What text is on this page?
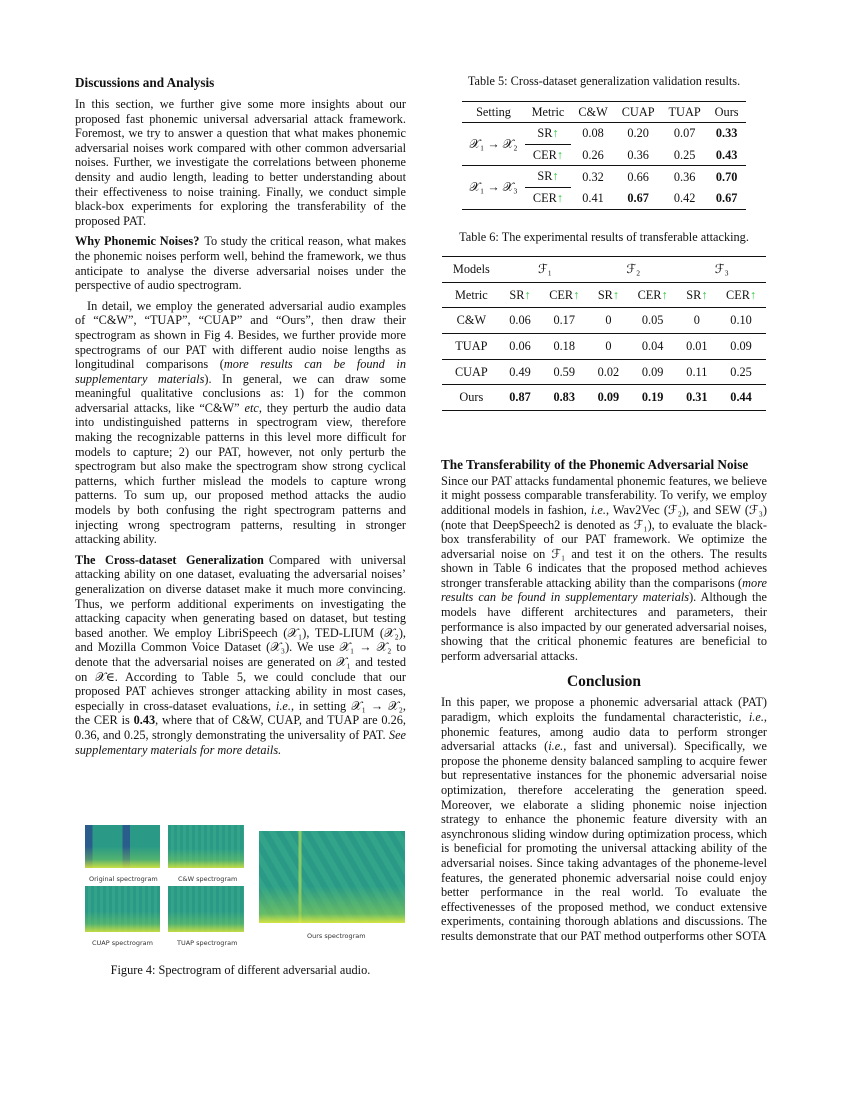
Discussions and Analysis

In this section, we further give some more insights about our proposed fast phonemic universal adversarial attack framework. Foremost, we try to answer a question that what makes phonemic adversarial noises work compared with other common adversarial noises. Further, we investigate the correlations between phoneme density and audio length, leading to better understanding about their effectiveness to noise training. Finally, we conduct simple black-box experiments for exploring the transferability of the proposed PAT.

Why Phonemic Noises? To study the critical reason, what makes the phonemic noises perform well, behind the framework, we thus anticipate to analyse the diverse adversarial noises under the perspective of audio spectrogram.

In detail, we employ the generated adversarial audio examples of “C&W”, “TUAP”, “CUAP” and “Ours”, then draw their spectrogram as shown in Fig 4. Besides, we further provide more spectrograms of our PAT with different audio noise lengths as longitudinal comparisons (more results can be found in supplementary materials). In general, we can draw some meaningful qualitative conclusions as: 1) for the common adversarial attacks, like “C&W” etc, they perturb the audio data into undistinguished patterns in spectrogram view, therefore making the recognizable patterns in this level more difficult for models to capture; 2) our PAT, however, not only perturb the spectrogram but also make the spectrogram show strong cyclical patterns, which further mislead the models to capture wrong patterns. To sum up, our proposed method attacks the audio models by both confusing the right spectrogram patterns and injecting wrong spectrogram patterns, resulting in stronger attacking ability.

The Cross-dataset Generalization Compared with universal attacking ability on one dataset, evaluating the adversarial noises’ generalization on diverse dataset make it much more convincing. Thus, we perform additional experiments on investigating the attacking capacity when generating based on dataset, but testing based another. We employ LibriSpeech (𝒳₁), TED-LIUM (𝒳₂), and Mozilla Common Voice Dataset (𝒳₃). We use 𝒳₁ → 𝒳₂ to denote that the adversarial noises are generated on 𝒳₁ and tested on 𝒳∈. According to Table 5, we could conclude that our proposed PAT achieves stronger attacking ability in most cases, especially in cross-dataset evaluations, i.e., in setting 𝒳₁ → 𝒳₂, the CER is 0.43, where that of C&W, CUAP, and TUAP are 0.26, 0.36, and 0.25, strongly demonstrating the universality of PAT. See supplementary materials for more details.

Original spectrogram	C&W spectrogram
CUAP spectrogram	TUAP spectrogram
Ours spectrogram

Figure 4: Spectrogram of different adversarial audio.

Table 5: Cross-dataset generalization validation results.

Setting	Metric	C&W	CUAP	TUAP	Ours
𝒳₁ → 𝒳₂	SR↑	0.08	0.20	0.07	0.33
	CER↑	0.26	0.36	0.25	0.43
𝒳₁ → 𝒳₃	SR↑	0.32	0.66	0.36	0.70
	CER↑	0.41	0.67	0.42	0.67

Table 6: The experimental results of transferable attacking.

Models	ℱ₁		ℱ₂		ℱ₃	
Metric	SR↑	CER↑	SR↑	CER↑	SR↑	CER↑
C&W	0.06	0.17	0	0.05	0	0.10
TUAP	0.06	0.18	0	0.04	0.01	0.09
CUAP	0.49	0.59	0.02	0.09	0.11	0.25
Ours	0.87	0.83	0.09	0.19	0.31	0.44
The Transferability of the Phonemic Adversarial Noise

Since our PAT attacks fundamental phonemic features, we believe it might possess comparable transferability. To verify, we employ additional models in fashion, i.e., Wav2Vec (ℱ₂), and SEW (ℱ₃) (note that DeepSpeech2 is denoted as ℱ₁), to evaluate the black-box transferability of our PAT framework. We optimize the adversarial noise on ℱ₁ and test it on the others. The results shown in Table 6 indicates that the proposed method achieves stronger transferable attacking ability than the comparisons (more results can be found in supplementary materials). Although the models have different architectures and parameters, their performance is also impacted by our generated adversarial noises, showing that the critical phonemic features are beneficial to perform adversarial attacks.

Conclusion

In this paper, we propose a phonemic adversarial attack (PAT) paradigm, which exploits the fundamental characteristic, i.e., phonemic features, among audio data to perform stronger adversarial attacks (i.e., fast and universal). Specifically, we propose the phoneme density balanced sampling to acquire fewer but representative instances for the phonemic adversarial noise optimization, therefore accelerating the generation speed. Moreover, we elaborate a sliding phonemic noise injection strategy to enhance the phonemic feature diversity with an asynchronous sliding window during optimization process, which is beneficial for promoting the universal attacking ability of the adversarial noises. Since taking advantages of the phoneme-level features, the generated phonemic adversarial noise could enjoy better performance in the real world. To evaluate the effectivenesses of the proposed method, we conduct extensive experiments, containing thorough ablations and discussions. The results demonstrate that our PAT method outperforms other SOTA
